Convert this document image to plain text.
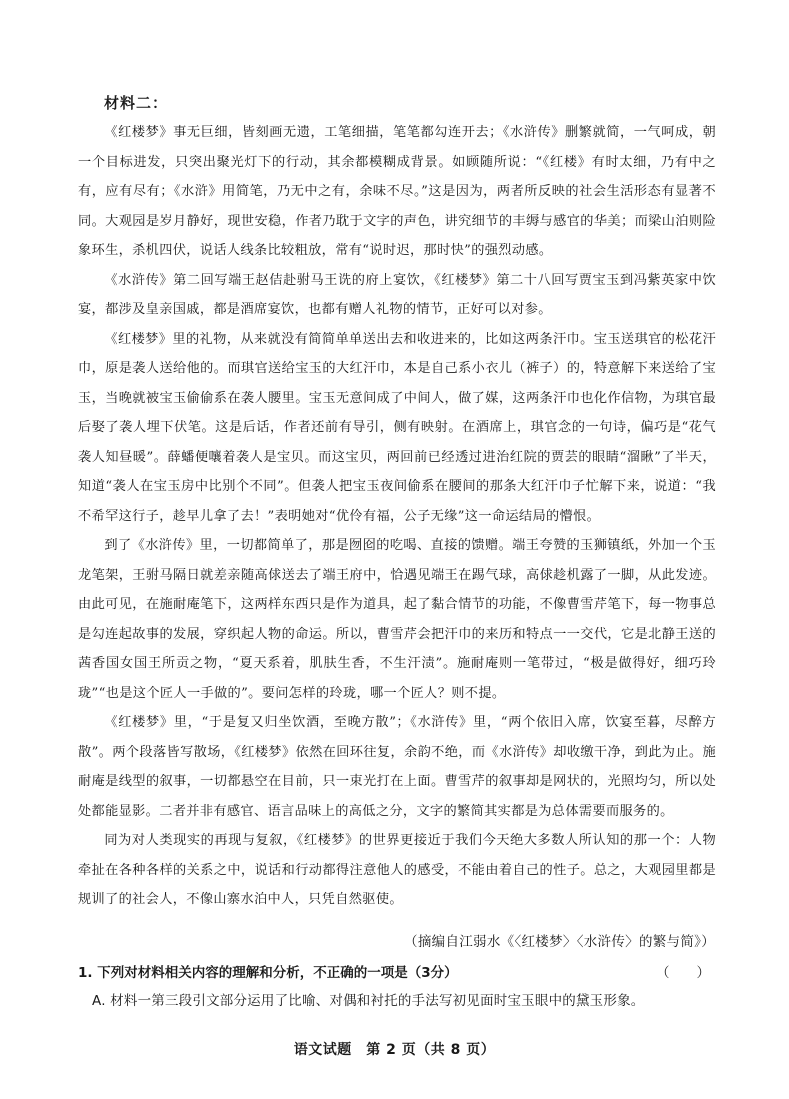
材料二：

《红楼梦》事无巨细，皆刻画无遗，工笔细描，笔笔都勾连开去；《水浒传》删繁就简，一气呵成，朝一个目标进发，只突出聚光灯下的行动，其余都模糊成背景。如顾随所说：“《红楼》有时太细，乃有中之有，应有尽有；《水浒》用简笔，乃无中之有，余味不尽。”这是因为，两者所反映的社会生活形态有显著不同。大观园是岁月静好，现世安稳，作者乃耽于文字的声色，讲究细节的丰缛与感官的华美；而梁山泊则险象环生，杀机四伏，说话人线条比较粗放，常有“说时迟，那时快”的强烈动感。

《水浒传》第二回写端王赵佶赴驸马王诜的府上宴饮，《红楼梦》第二十八回写贾宝玉到冯紫英家中饮宴，都涉及皇亲国戚，都是酒席宴饮，也都有赠人礼物的情节，正好可以对参。

《红楼梦》里的礼物，从来就没有简简单单送出去和收进来的，比如这两条汗巾。宝玉送琪官的松花汗巾，原是袭人送给他的。而琪官送给宝玉的大红汗巾，本是自己系小衣儿（裤子）的，特意解下来送给了宝玉，当晚就被宝玉偷偷系在袭人腰里。宝玉无意间成了中间人，做了媒，这两条汗巾也化作信物，为琪官最后娶了袭人埋下伏笔。这是后话，作者还前有导引，侧有映射。在酒席上，琪官念的一句诗，偏巧是“花气袭人知昼暖”。薛蟠便嚷着袭人是宝贝。而这宝贝，两回前已经透过进治红院的贾芸的眼睛“溜瞅”了半天，知道“袭人在宝玉房中比别个不同”。但袭人把宝玉夜间偷系在腰间的那条大红汗巾子忙解下来，说道：“我不希罕这行子，趁早儿拿了去！”表明她对“优伶有福，公子无缘”这一命运结局的懵恨。

到了《水浒传》里，一切都简单了，那是囫囵的吃喝、直接的馈赠。端王夸赞的玉狮镇纸，外加一个玉龙笔架，王驸马隔日就差亲随高俅送去了端王府中，恰遇见端王在踢气球，高俅趁机露了一脚，从此发迹。由此可见，在施耐庵笔下，这两样东西只是作为道具，起了黏合情节的功能，不像曹雪芹笔下，每一物事总是勾连起故事的发展，穿织起人物的命运。所以，曹雪芹会把汗巾的来历和特点一一交代，它是北静王送的茜香国女国王所贡之物，“夏天系着，肌肤生香，不生汗渍”。施耐庵则一笔带过，“极是做得好，细巧玲珑”“也是这个匠人一手做的”。要问怎样的玲珑，哪一个匠人？则不提。

《红楼梦》里，“于是复又归坐饮酒，至晚方散”；《水浒传》里，“两个依旧入席，饮宴至暮，尽醉方散”。两个段落皆写散场，《红楼梦》依然在回环往复，余韵不绝，而《水浒传》却收缴干净，到此为止。施耐庵是线型的叙事，一切都悬空在目前，只一束光打在上面。曹雪芹的叙事却是网状的，光照均匀，所以处处都能显影。二者并非有感官、语言品味上的高低之分，文字的繁简其实都是为总体需要而服务的。

同为对人类现实的再现与复叙，《红楼梦》的世界更接近于我们今天绝大多数人所认知的那一个：人物牵扯在各种各样的关系之中，说话和行动都得注意他人的感受，不能由着自己的性子。总之，大观园里都是规训了的社会人，不像山寨水泊中人，只凭自然驱使。

（摘编自江弱水《〈红楼梦〉〈水浒传〉的繁与简》）
1. 下列对材料相关内容的理解和分析，不正确的一项是（3分）	（　　）
A. 材料一第三段引文部分运用了比喻、对偶和衬托的手法写初见面时宝玉眼中的黛玉形象。
语文试题　第 2 页（共 8 页）
